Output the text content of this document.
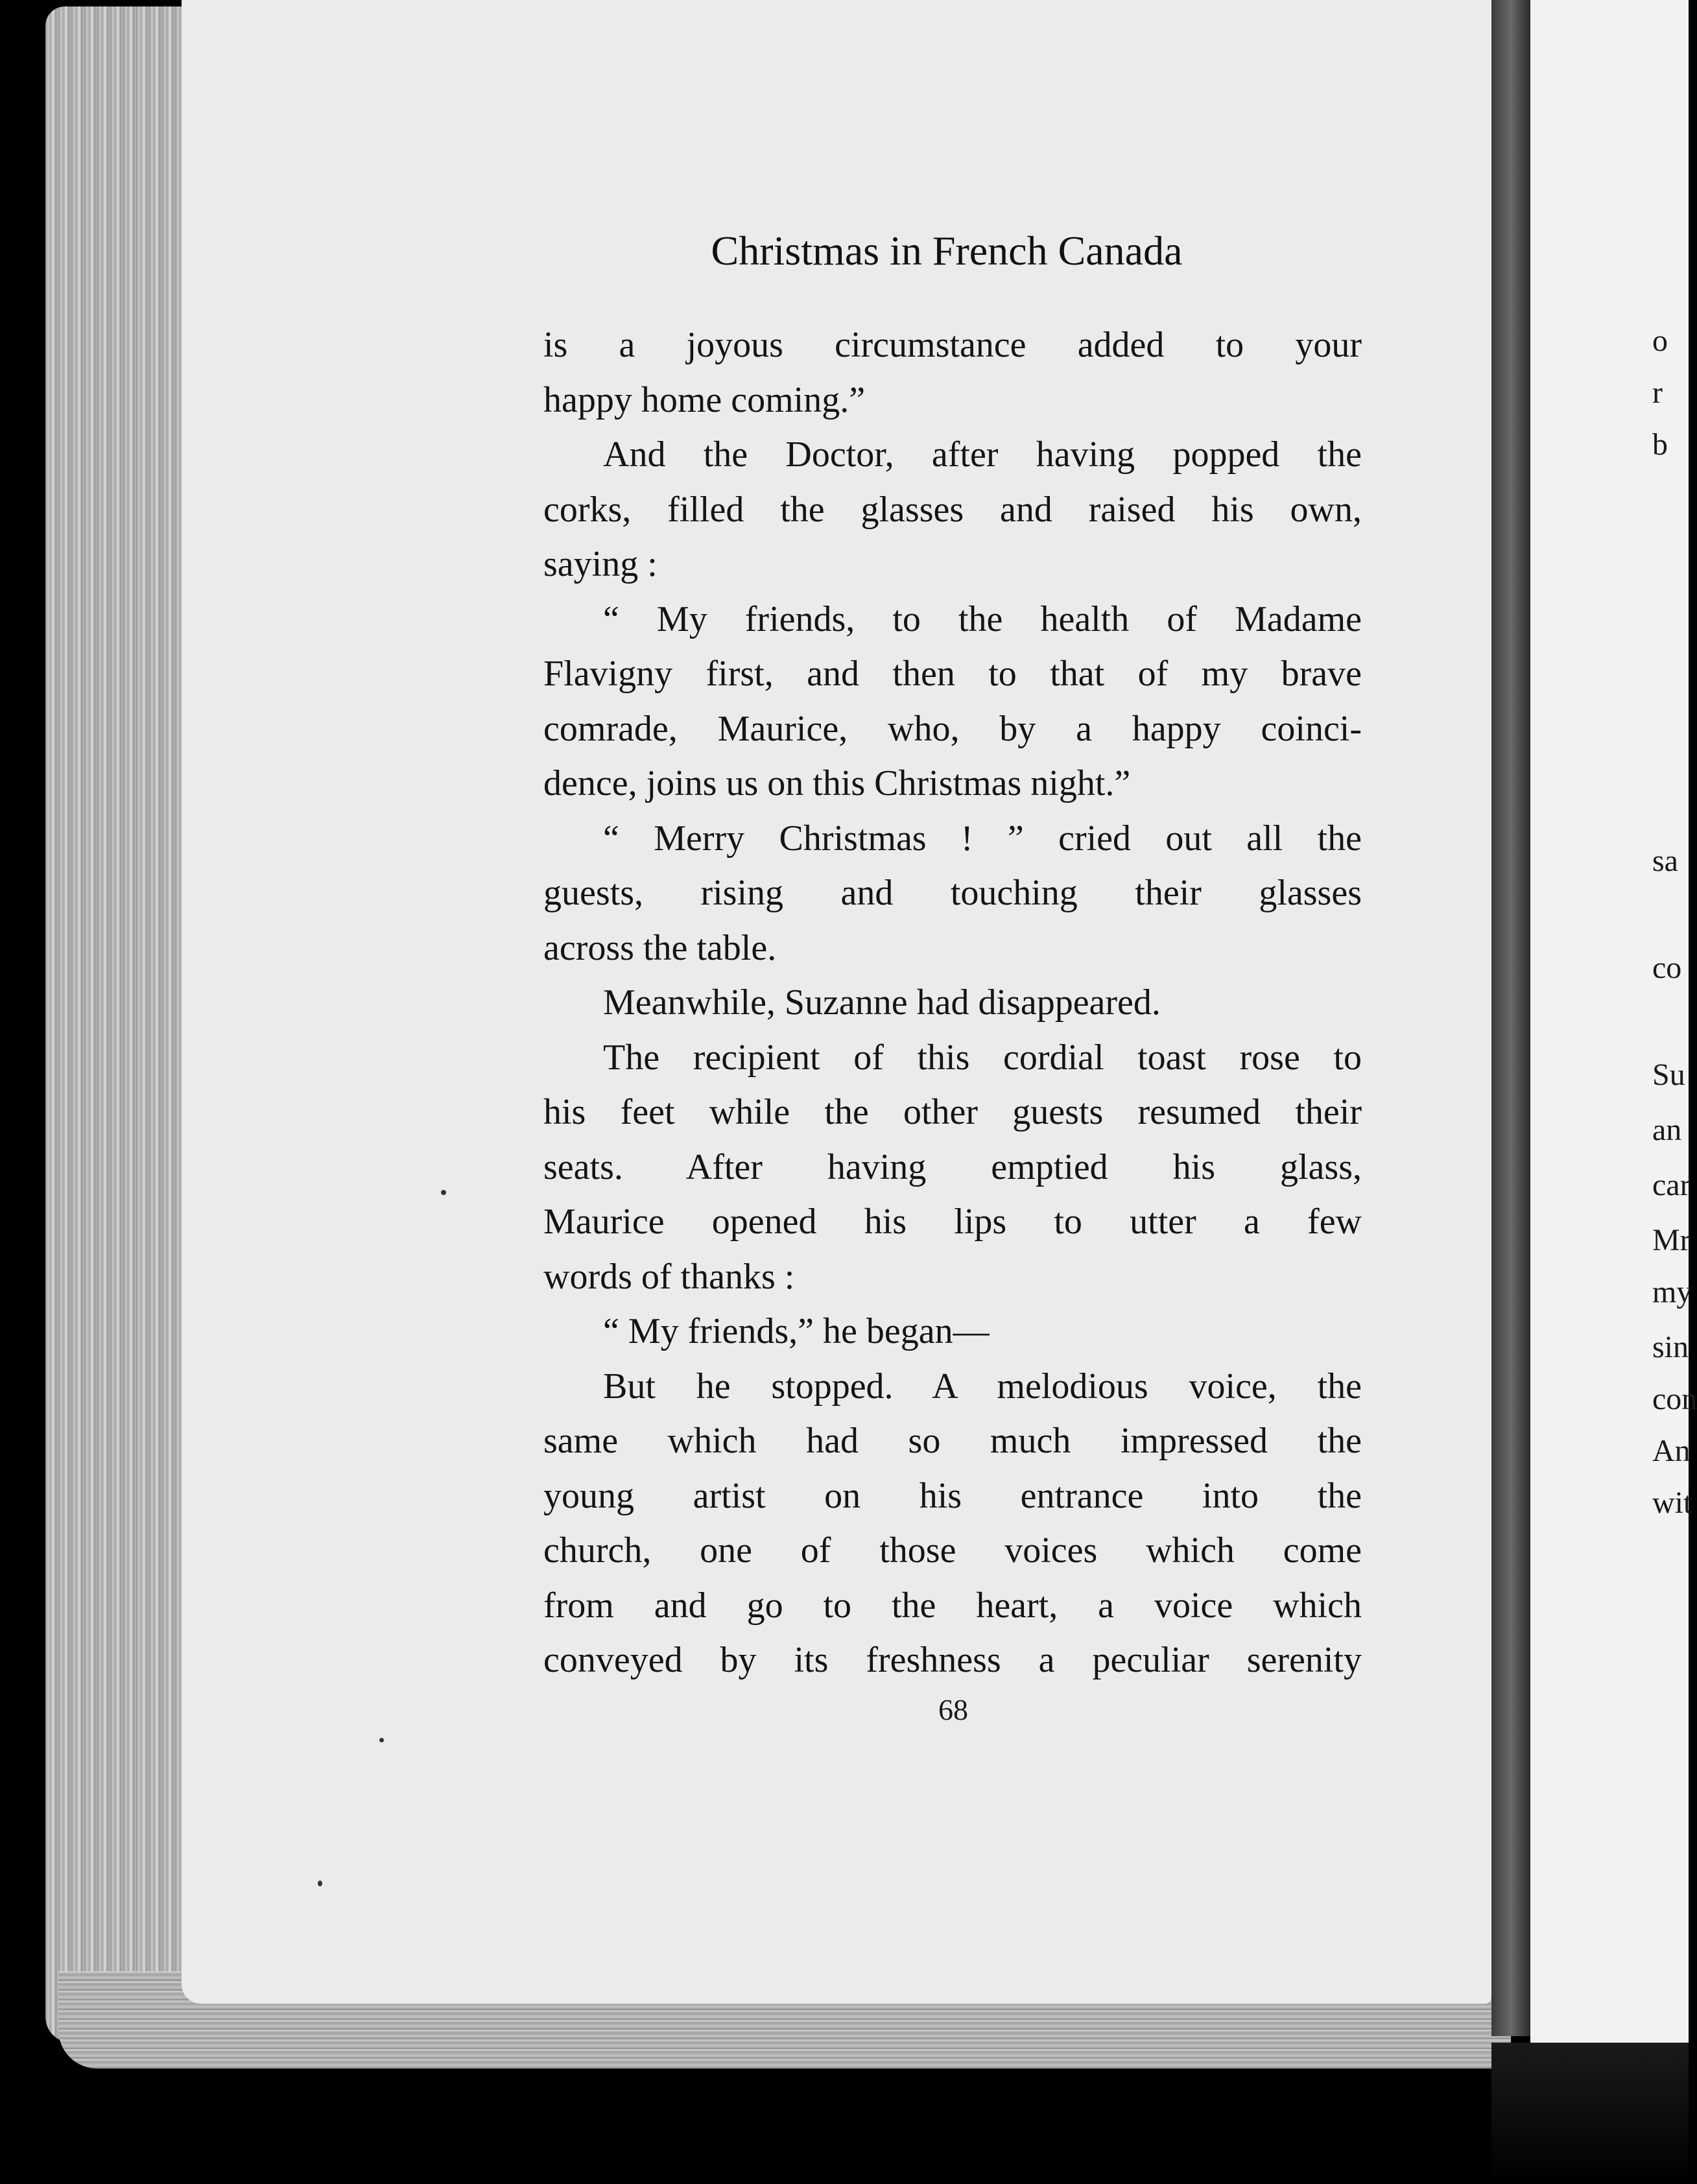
Christmas in French Canada
is a joyous circumstance added to your
happy home coming.”
And the Doctor, after having popped the
corks, filled the glasses and raised his own,
saying :
“ My friends, to the health of Madame
Flavigny first, and then to that of my brave
comrade, Maurice, who, by a happy coinci-
dence, joins us on this Christmas night.”
“ Merry Christmas ! ” cried out all the
guests, rising and touching their glasses
across the table.
Meanwhile, Suzanne had disappeared.
The recipient of this cordial toast rose to
his feet while the other guests resumed their
seats. After having emptied his glass,
Maurice opened his lips to utter a few
words of thanks :
“ My friends,” he began—
But he stopped. A melodious voice, the
same which had so much impressed the
young artist on his entrance into the
church, one of those voices which come
from and go to the heart, a voice which
conveyed by its freshness a peculiar serenity
68
o
r
b
sa
co
Su
an
car
Mr
my
sin
con
An
wit
